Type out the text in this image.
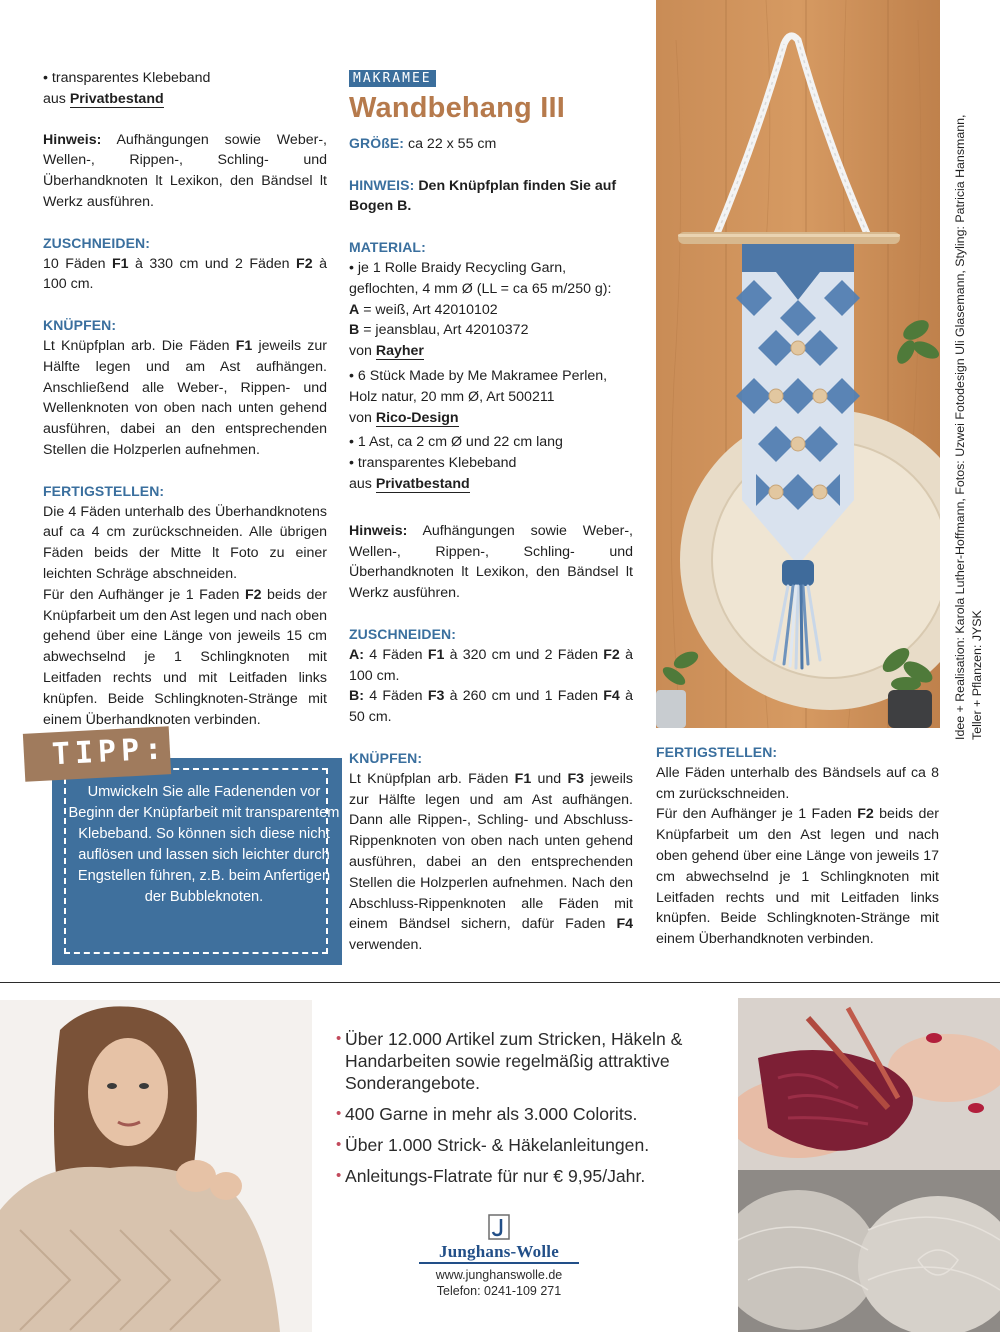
• transparentes Klebeband

aus Privatbestand

Hinweis: Aufhängungen sowie Weber-, Wellen-, Rippen-, Schling- und Überhandknoten lt Lexikon, den Bändsel lt Werkz ausführen.

ZUSCHNEIDEN:

10 Fäden F1 à 330 cm und 2 Fäden F2 à 100 cm.

KNÜPFEN:

Lt Knüpfplan arb. Die Fäden F1 jeweils zur Hälfte legen und am Ast aufhängen. Anschließend alle Weber-, Rippen- und Wellenknoten von oben nach unten gehend ausführen, dabei an den entsprechenden Stellen die Holzperlen aufnehmen.

FERTIGSTELLEN:

Die 4 Fäden unterhalb des Überhandknotens auf ca 4 cm zurückschneiden. Alle übrigen Fäden beids der Mitte lt Foto zu einer leichten Schräge abschneiden.

Für den Aufhänger je 1 Faden F2 beids der Knüpfarbeit um den Ast legen und nach oben gehend über eine Länge von jeweils 15 cm abwechselnd je 1 Schlingknoten mit Leitfaden rechts und mit Leitfaden links knüpfen. Beide Schlingknoten-Stränge mit einem Überhandknoten verbinden.

MAKRAMEE
Wandbehang III

GRÖßE: ca 22 x 55 cm

HINWEIS: Den Knüpfplan finden Sie auf Bogen B.

MATERIAL:

• je 1 Rolle Braidy Recycling Garn, geflochten, 4 mm Ø (LL = ca 65 m/250 g):

A = weiß, Art 42010102

B = jeansblau, Art 42010372

von Rayher

• 6 Stück Made by Me Makramee Perlen, Holz natur, 20 mm Ø, Art 500211

von Rico-Design

• 1 Ast, ca 2 cm Ø und 22 cm lang

• transparentes Klebeband

aus Privatbestand

Hinweis: Aufhängungen sowie Weber-, Wellen-, Rippen-, Schling- und Überhandknoten lt Lexikon, den Bändsel lt Werkz ausführen.

ZUSCHNEIDEN:

A: 4 Fäden F1 à 320 cm und 2 Fäden F2 à 100 cm.

B: 4 Fäden F3 à 260 cm und 1 Faden F4 à 50 cm.

KNÜPFEN:

Lt Knüpfplan arb. Fäden F1 und F3 jeweils zur Hälfte legen und am Ast aufhängen. Dann alle Rippen-, Schling- und Abschluss-Rippenknoten von oben nach unten gehend ausführen, dabei an den entsprechenden Stellen die Holzperlen aufnehmen. Nach den Abschluss-Rippenknoten alle Fäden mit einem Bändsel sichern, dafür Faden F4 verwenden.

Idee + Realisation: Karola Luther-Hoffmann, Fotos: Uzwei Fotodesign Uli Glasemann, Styling: Patricia Hansmann, Teller + Pflanzen: JYSK

FERTIGSTELLEN:

Alle Fäden unterhalb des Bändsels auf ca 8 cm zurückschneiden.

Für den Aufhänger je 1 Faden F2 beids der Knüpfarbeit um den Ast legen und nach oben gehend über eine Länge von jeweils 17 cm abwechselnd je 1 Schlingknoten mit Leitfaden rechts und mit Leitfaden links knüpfen. Beide Schlingknoten-Stränge mit einem Überhandknoten verbinden.

TIPP:

Umwickeln Sie alle Fadenenden vor Beginn der Knüpfarbeit mit transparentem Klebeband. So können sich diese nicht auflösen und lassen sich leichter durch Engstellen führen, z.B. beim Anfertigen der Bubbleknoten.

• Über 12.000 Artikel zum Stricken, Häkeln & Handarbeiten sowie regelmäßig attraktive Sonderangebote.
• 400 Garne in mehr als 3.000 Colorits.
• Über 1.000 Strick- & Häkelanleitungen.
• Anleitungs-Flatrate für nur € 9,95/Jahr.
Junghans-Wolle
www.junghanswolle.de
Telefon: 0241-109 271
